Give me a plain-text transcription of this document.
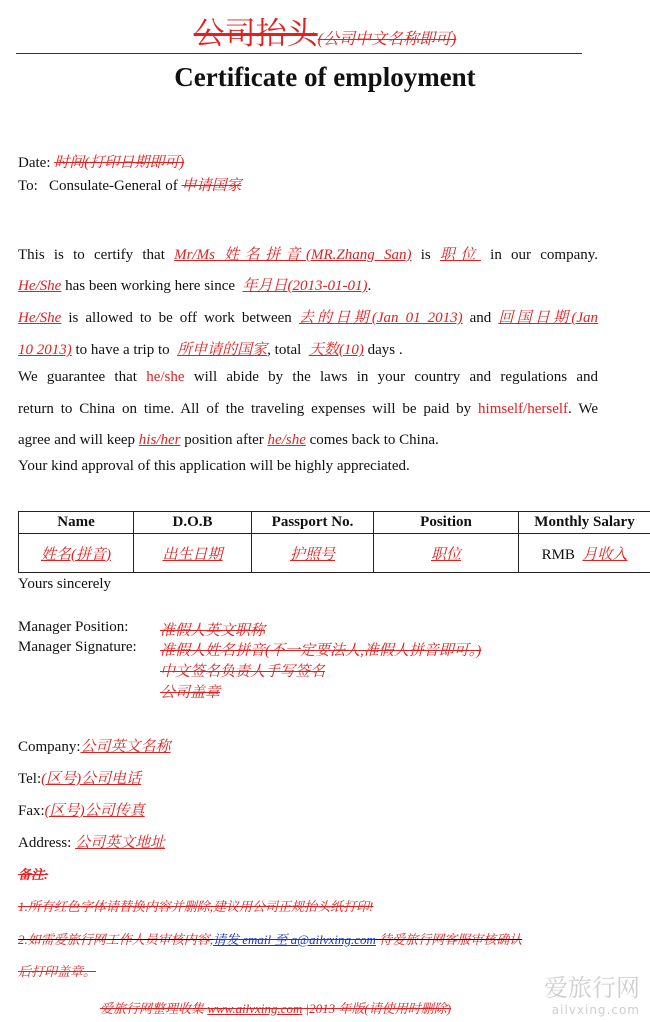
公司抬头(公司中文名称即可)
Certificate of employment
Date: 时间(打印日期即可)
To: Consulate-General of 申请国家
This is to certify that Mr/Ms 姓名拼音(MR.Zhang San) is 职位 in our company.
He/She has been working here since 年月日(2013-01-01).
He/She is allowed to be off work between 去的日期(Jan 01 2013) and 回国日期(Jan
10 2013) to have a trip to 所申请的国家, total 天数(10) days .
We guarantee that he/she will abide by the laws in your country and regulations and
return to China on time. All of the traveling expenses will be paid by himself/herself. We
agree and will keep his/her position after he/she comes back to China.
Your kind approval of this application will be highly appreciated.
Name	D.O.B	Passport No.	Position	Monthly Salary
姓名(拼音)	出生日期	护照号	职位	RMB 月收入
Yours sincerely
Manager Position: 准假人英文职称
Manager Signature: 准假人姓名拼音(不一定要法人,准假人拼音即可。)
中文签名负责人手写签名
公司盖章
Company:公司英文名称
Tel:(区号)公司电话
Fax:(区号)公司传真
Address: 公司英文地址
备注:
1.所有红色字体请替换内容并删除,建议用公司正规抬头纸打印!
2.如需爱旅行网工作人员审核内容,请发 email 至 a@ailvxing.com 待爱旅行网客服审核确认
后打印盖章。
爱旅行网整理收集 www.ailvxing.com |2013 年版(请使用时删除)
爱旅行网
ailvxing.com
